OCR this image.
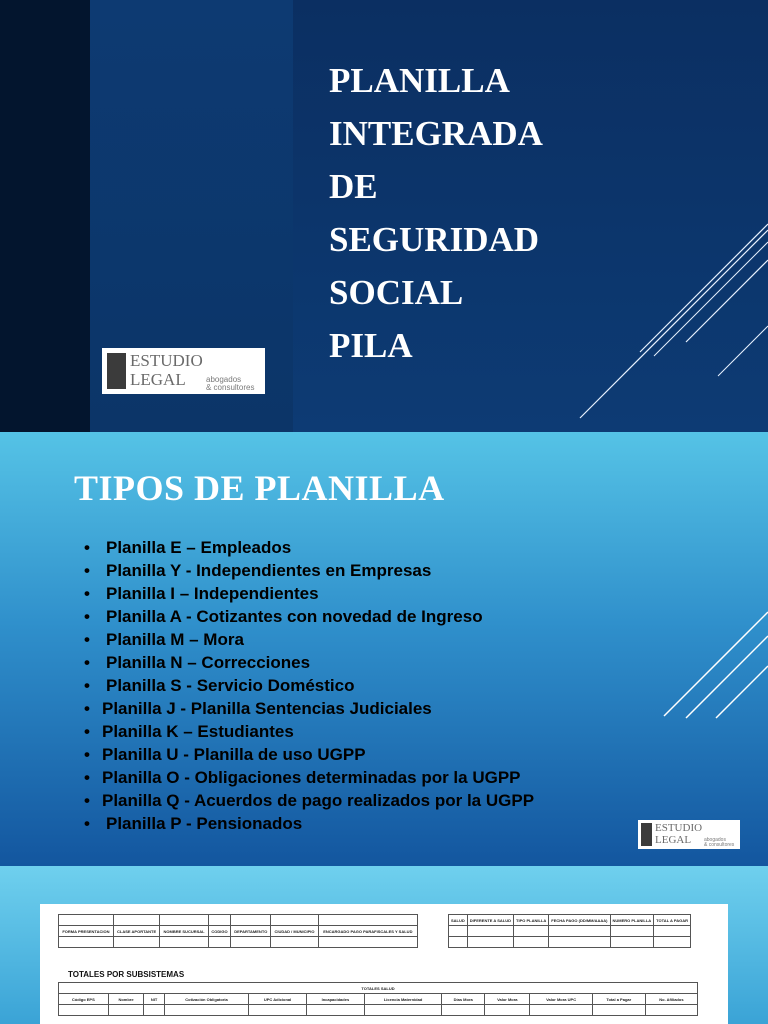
PLANILLA
INTEGRADA
DE
SEGURIDAD
SOCIAL
PILA
ESTUDIO
LEGAL	abogados
& consultores
TIPOS DE PLANILLA
• Planilla E – Empleados
• Planilla Y - Independientes en Empresas
• Planilla I – Independientes
• Planilla A - Cotizantes con novedad de Ingreso
• Planilla M – Mora
• Planilla N – Correcciones
• Planilla S - Servicio Doméstico
• Planilla J - Planilla Sentencias Judiciales
• Planilla K – Estudiantes
• Planilla U - Planilla de uso UGPP
• Planilla O - Obligaciones determinadas por la UGPP
• Planilla Q - Acuerdos de pago realizados por la UGPP
• Planilla P - Pensionados	ESTUDIO
LEGAL	abogados
& consultores

FORMA PRESENTACION	CLASE APORTANTE	NOMBRE SUCURSAL	CODIGO	DEPARTAMENTO	CIUDAD / MUNICIPIO	ENCARGADO PAGO PARAFISCALES Y SALUD

SALUD	DIFERENTE A SALUD	TIPO PLANILLA	FECHA PAGO (DD/MM/AAAA)	NUMERO PLANILLA	TOTAL A PAGAR

TOTALES POR SUBSISTEMAS
TOTALES SALUD											
Código EPS	Nombre	NIT	Cotización Obligatoria	UPC Adicional	Incapacidades	Licencia Maternidad	Días Mora	Valor Mora	Valor Mora UPC	Total a Pagar	No. Afiliados
